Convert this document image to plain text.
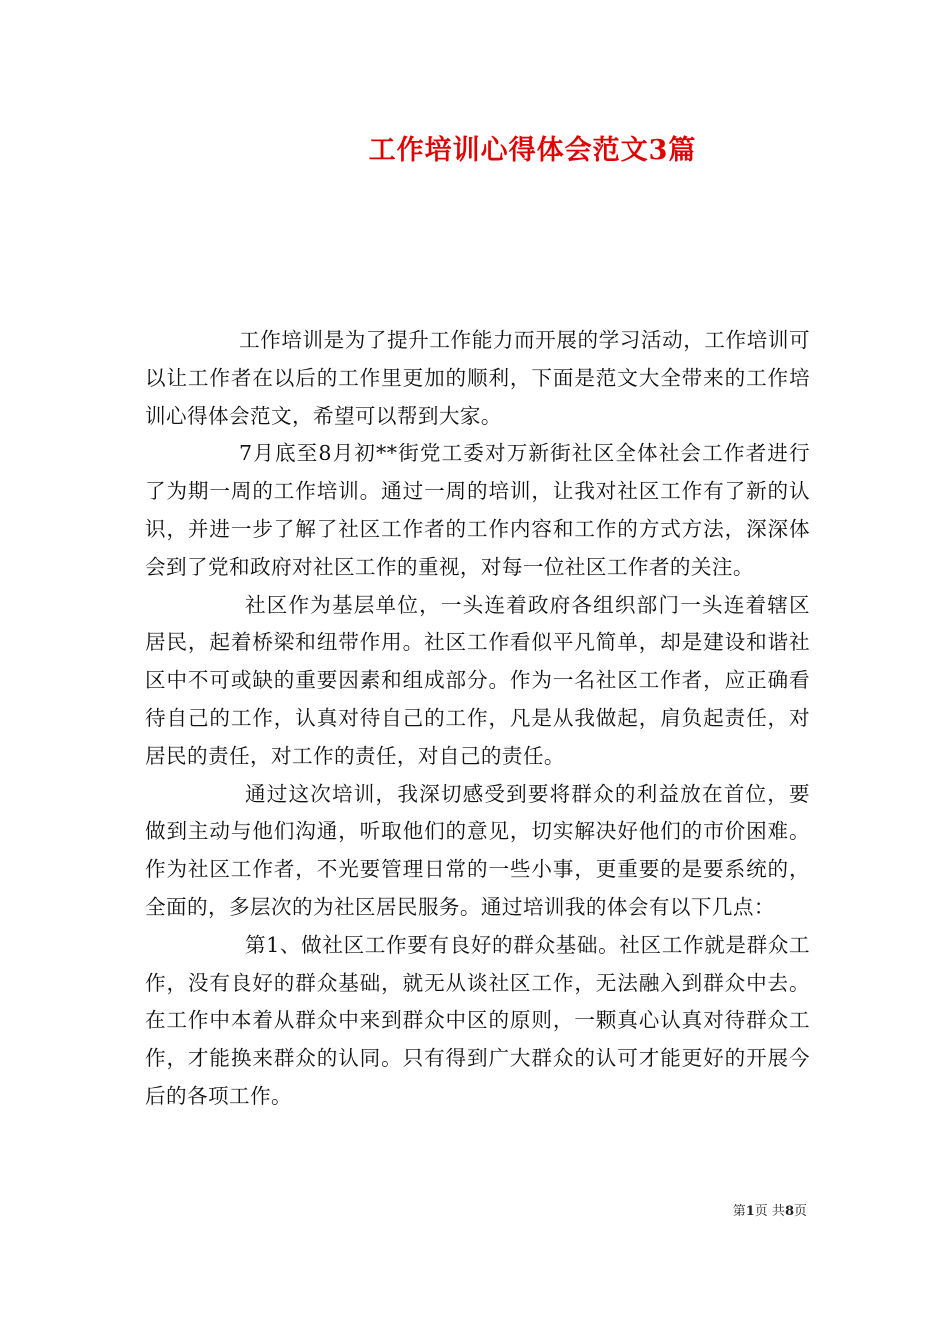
工作培训心得体会范文3篇

工作培训是为了提升工作能力而开展的学习活动，工作培训可以让工作者在以后的工作里更加的顺利，下面是范文大全带来的工作培训心得体会范文，希望可以帮到大家。

7月底至8月初**街党工委对万新街社区全体社会工作者进行了为期一周的工作培训。通过一周的培训，让我对社区工作有了新的认识，并进一步了解了社区工作者的工作内容和工作的方式方法，深深体会到了党和政府对社区工作的重视，对每一位社区工作者的关注。

社区作为基层单位，一头连着政府各组织部门一头连着辖区居民，起着桥梁和纽带作用。社区工作看似平凡简单，却是建设和谐社区中不可或缺的重要因素和组成部分。作为一名社区工作者，应正确看待自己的工作，认真对待自己的工作，凡是从我做起，肩负起责任，对居民的责任，对工作的责任，对自己的责任。

通过这次培训，我深切感受到要将群众的利益放在首位，要做到主动与他们沟通，听取他们的意见，切实解决好他们的市价困难。作为社区工作者，不光要管理日常的一些小事，更重要的是要系统的，全面的，多层次的为社区居民服务。通过培训我的体会有以下几点：

第1、做社区工作要有良好的群众基础。社区工作就是群众工作，没有良好的群众基础，就无从谈社区工作，无法融入到群众中去。在工作中本着从群众中来到群众中区的原则，一颗真心认真对待群众工作，才能换来群众的认同。只有得到广大群众的认可才能更好的开展今后的各项工作。

第1页 共8页
